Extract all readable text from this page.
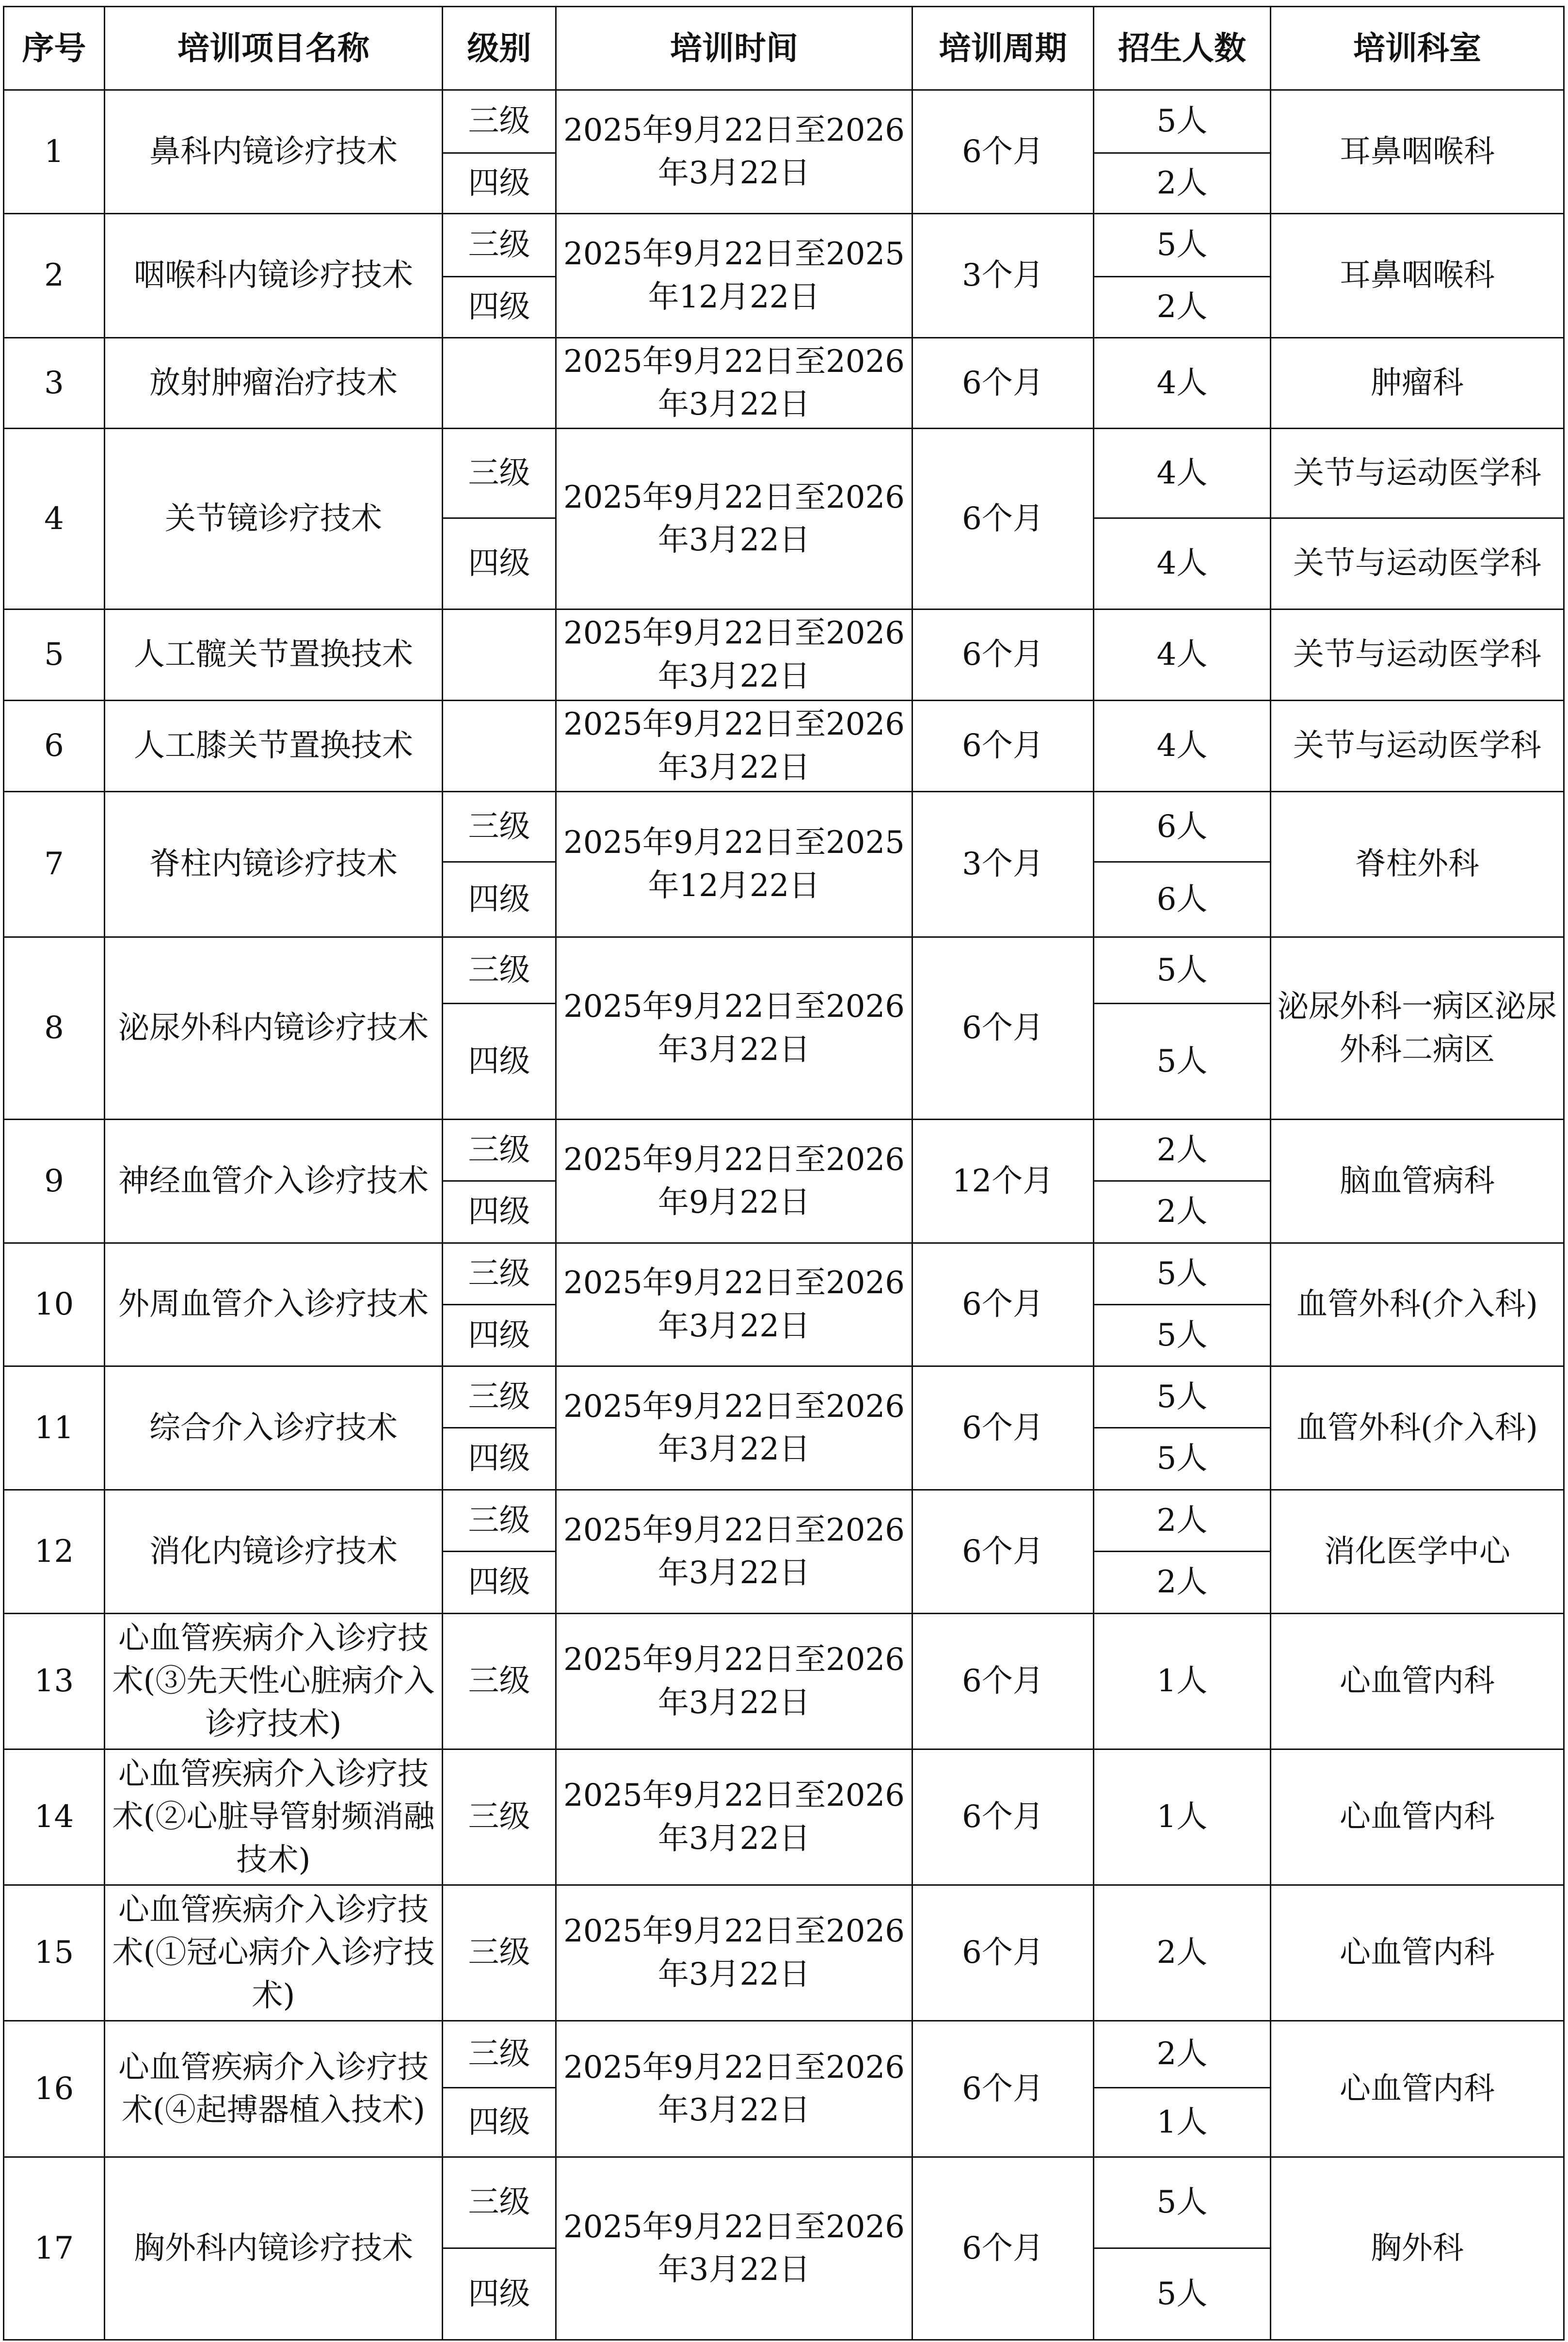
序号	培训项目名称	级别	培训时间	培训周期	招生人数	培训科室
1	鼻科内镜诊疗技术	三级	2025年9月22日至2026年3月22日	6个月	5人	耳鼻咽喉科
		四级			2人	
2	咽喉科内镜诊疗技术	三级	2025年9月22日至2025年12月22日	3个月	5人	耳鼻咽喉科
		四级			2人	
3	放射肿瘤治疗技术		2025年9月22日至2026年3月22日	6个月	4人	肿瘤科
4	关节镜诊疗技术	三级	2025年9月22日至2026年3月22日	6个月	4人	关节与运动医学科
		四级			4人	关节与运动医学科
5	人工髋关节置换技术		2025年9月22日至2026年3月22日	6个月	4人	关节与运动医学科
6	人工膝关节置换技术		2025年9月22日至2026年3月22日	6个月	4人	关节与运动医学科
7	脊柱内镜诊疗技术	三级	2025年9月22日至2025年12月22日	3个月	6人	脊柱外科
		四级			6人	
8	泌尿外科内镜诊疗技术	三级	2025年9月22日至2026年3月22日	6个月	5人	泌尿外科一病区泌尿外科二病区
		四级			5人	
9	神经血管介入诊疗技术	三级	2025年9月22日至2026年9月22日	12个月	2人	脑血管病科
		四级			2人	
10	外周血管介入诊疗技术	三级	2025年9月22日至2026年3月22日	6个月	5人	血管外科(介入科)
		四级			5人	
11	综合介入诊疗技术	三级	2025年9月22日至2026年3月22日	6个月	5人	血管外科(介入科)
		四级			5人	
12	消化内镜诊疗技术	三级	2025年9月22日至2026年3月22日	6个月	2人	消化医学中心
		四级			2人	
13	心血管疾病介入诊疗技术(③先天性心脏病介入诊疗技术)	三级	2025年9月22日至2026年3月22日	6个月	1人	心血管内科
14	心血管疾病介入诊疗技术(②心脏导管射频消融技术)	三级	2025年9月22日至2026年3月22日	6个月	1人	心血管内科
15	心血管疾病介入诊疗技术(①冠心病介入诊疗技术)	三级	2025年9月22日至2026年3月22日	6个月	2人	心血管内科
16	心血管疾病介入诊疗技术(④起搏器植入技术)	三级	2025年9月22日至2026年3月22日	6个月	2人	心血管内科
		四级			1人	
17	胸外科内镜诊疗技术	三级	2025年9月22日至2026年3月22日	6个月	5人	胸外科
		四级			5人	
